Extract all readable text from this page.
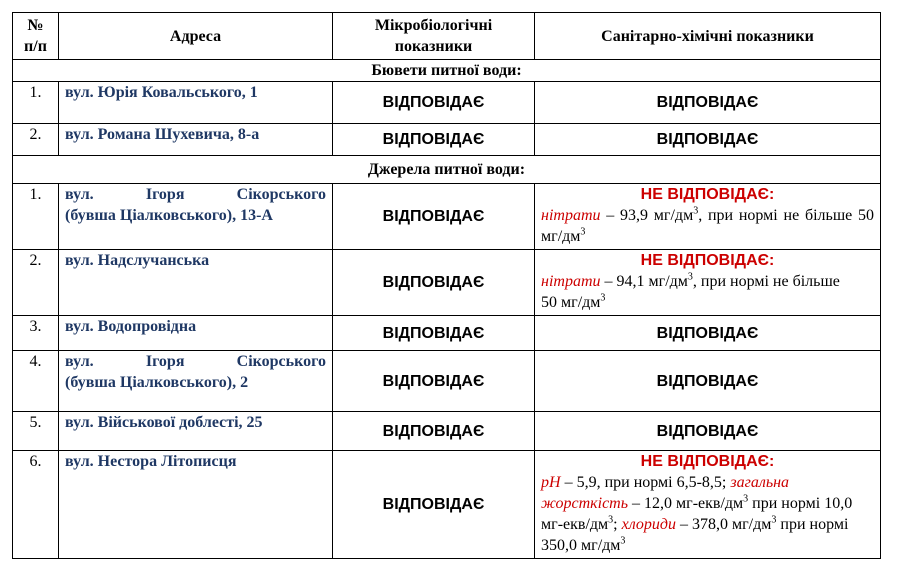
№ п/п	Адреса	Мікробіологічні показники	Санітарно-хімічні показники
Бювети питної води:			
1.	вул. Юрія Ковальського, 1	ВІДПОВІДАЄ	ВІДПОВІДАЄ
2.	вул. Романа Шухевича, 8-а	ВІДПОВІДАЄ	ВІДПОВІДАЄ
Джерела питної води:			
1.	вул. Ігоря Сікорського
(бувша Ціалковського), 13-А	ВІДПОВІДАЄ	НЕ ВІДПОВІДАЄ:
нітрати – 93,9 $мг/дм^3$, при нормі не більше 50 $мг/дм^3$
2.	вул. Надслучанська	ВІДПОВІДАЄ	НЕ ВІДПОВІДАЄ:
нітрати – 94,1 $мг/дм^3$, при нормі не більше 50 $мг/дм^3$
3.	вул. Водопровідна	ВІДПОВІДАЄ	ВІДПОВІДАЄ
4.	вул. Ігоря Сікорського
(бувша Ціалковського), 2	ВІДПОВІДАЄ	ВІДПОВІДАЄ
5.	вул. Військової доблесті, 25	ВІДПОВІДАЄ	ВІДПОВІДАЄ
6.	вул. Нестора Літописця	ВІДПОВІДАЄ	НЕ ВІДПОВІДАЄ:
pH – 5,9, при нормі 6,5-8,5; загальна жорсткість – 12,0 $мг-екв/дм^3$ при нормі 10,0 $мг-екв/дм^3$; хлориди – 378,0 $мг/дм^3$ при нормі 350,0 $мг/дм^3$
